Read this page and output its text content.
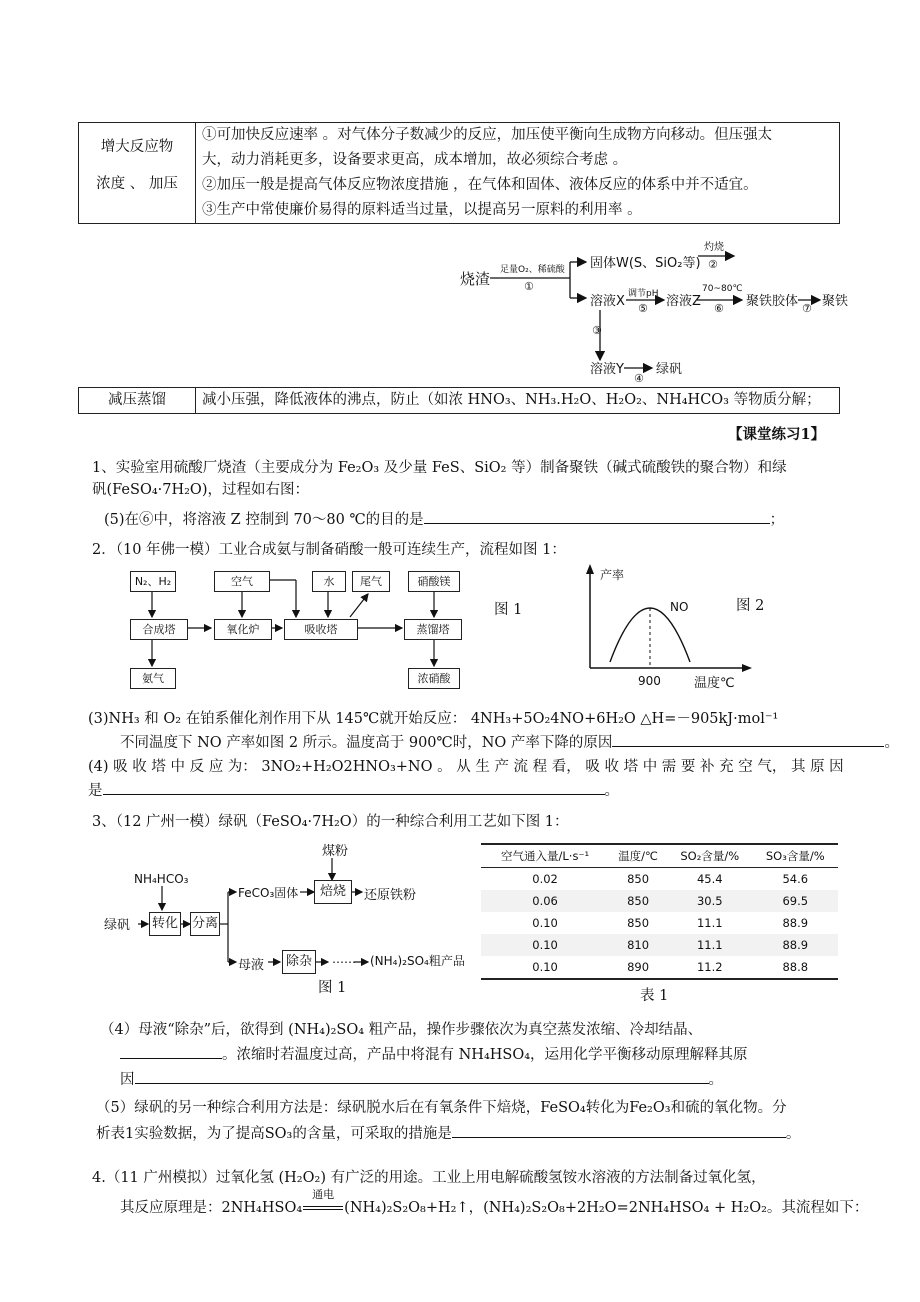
增大反应物
浓度 、 加压

①可加快反应速率 。对气体分子数减少的反应，加压使平衡向生成物方向移动。但压强太
大，动力消耗更多，设备要求更高，成本增加，故必须综合考虑 。
②加压一般是提高气体反应物浓度措施 ，在气体和固体、液体反应的体系中并不适宜。
③生产中常使廉价易得的原料适当过量，以提高另一原料的利用率 。
烧渣 足量O₂、稀硫酸
①
固体W(S、SiO₂等)
灼烧
②
溶液X 调节pH
⑤ 溶液Z
70~80℃
⑥ 聚铁胶体 ⑦ 聚铁
③
溶液Y
④
绿矾
减压蒸馏	减小压强，降低液体的沸点，防止（如浓 HNO₃、NH₃.H₂O、H₂O₂、NH₄HCO₃ 等物质分解；
【课堂练习1】
1、实验室用硫酸厂烧渣（主要成分为 Fe₂O₃ 及少量 FeS、SiO₂ 等）制备聚铁（碱式硫酸铁的聚合物）和绿
矾(FeSO₄·7H₂O)，过程如右图：
(5)在⑥中，将溶液 Z 控制到 70～80 ℃的目的是	；
2．（10 年佛一模）工业合成氨与制备硝酸一般可连续生产，流程如图 1：
N₂、H₂	空气	水	尾气	硝酸镁
合成塔	氧化炉	吸收塔	蒸馏塔
氨气	浓硝酸
图 1
产率
NO
900	温度℃
图 2
(3)NH₃ 和 O₂ 在铂系催化剂作用下从 145℃就开始反应： 4NH₃+5O₂4NO+6H₂O △H=－905kJ·mol⁻¹
不同温度下 NO 产率如图 2 所示。温度高于 900℃时，NO 产率下降的原因	。
(4) 吸 收 塔 中 反 应 为： 3NO₂+H₂O2HNO₃+NO 。 从 生 产 流 程 看， 吸 收 塔 中 需 要 补 充 空 气， 其 原 因
是	。
3、（12 广州一模）绿矾（FeSO₄·7H₂O）的一种综合利用工艺如下图 1：
煤粉
NH₄HCO₃
绿矾 转化 分离
FeCO₃固体	焙烧	还原铁粉
母液	除杂	…… (NH₄)₂SO₄粗产品
图 1
空气通入量/L·s⁻¹	温度/℃	SO₂含量/%	SO₃含量/%
0.02	850	45.4	54.6
0.06	850	30.5	69.5
0.10	850	11.1	88.9
0.10	810	11.1	88.9
0.10	890	11.2	88.8
表 1
（4）母液“除杂”后，欲得到 (NH₄)₂SO₄ 粗产品，操作步骤依次为真空蒸发浓缩、冷却结晶、
。浓缩时若温度过高，产品中将混有 NH₄HSO₄，运用化学平衡移动原理解释其原
因	。
（5）绿矾的另一种综合利用方法是：绿矾脱水后在有氧条件下焙烧，FeSO₄转化为Fe₂O₃和硫的氧化物。分
析表1实验数据，为了提高SO₃的含量，可采取的措施是	。
4.（11 广州模拟）过氧化氢 (H₂O₂) 有广泛的用途。工业上用电解硫酸氢铵水溶液的方法制备过氧化氢，
其反应原理是：2NH₄HSO₄
通电
(NH₄)₂S₂O₈+H₂↑，(NH₄)₂S₂O₈+2H₂O=2NH₄HSO₄ + H₂O₂。其流程如下：
